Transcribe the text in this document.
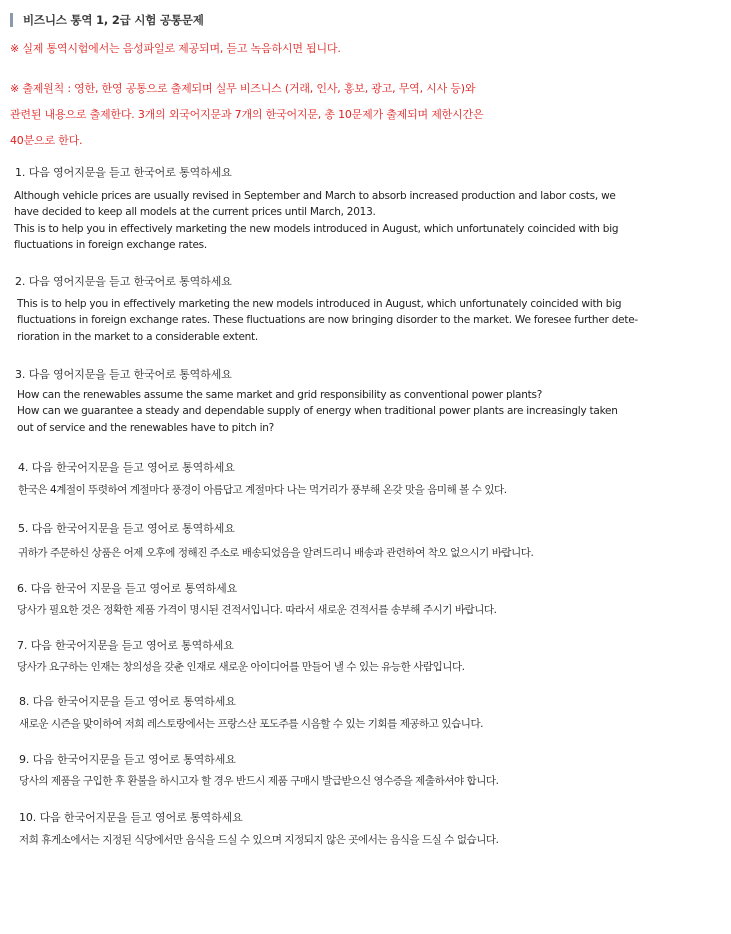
비즈니스 통역 1, 2급 시험 공통문제
※ 실제 통역시험에서는 음성파일로 제공되며, 듣고 녹음하시면 됩니다.
※ 출제원칙 : 영한, 한영 공통으로 출제되며 실무 비즈니스 (거래, 인사, 홍보, 광고, 무역, 시사 등)와
관련된 내용으로 출제한다. 3개의 외국어지문과 7개의 한국어지문, 총 10문제가 출제되며 제한시간은
40분으로 한다.
1. 다음 영어지문을 듣고 한국어로 통역하세요
Although vehicle prices are usually revised in September and March to absorb increased production and labor costs, we
have decided to keep all models at the current prices until March, 2013.
This is to help you in effectively marketing the new models introduced in August, which unfortunately coincided with big
fluctuations in foreign exchange rates.
2. 다음 영어지문을 듣고 한국어로 통역하세요
This is to help you in effectively marketing the new models introduced in August, which unfortunately coincided with big
fluctuations in foreign exchange rates. These fluctuations are now bringing disorder to the market. We foresee further dete-
rioration in the market to a considerable extent.
3. 다음 영어지문을 듣고 한국어로 통역하세요
How can the renewables assume the same market and grid responsibility as conventional power plants?
How can we guarantee a steady and dependable supply of energy when traditional power plants are increasingly taken
out of service and the renewables have to pitch in?
4. 다음 한국어지문을 듣고 영어로 통역하세요
한국은 4계절이 뚜렷하여 계절마다 풍경이 아름답고 계절마다 나는 먹거리가 풍부해 온갖 맛을 음미해 볼 수 있다.
5. 다음 한국어지문을 듣고 영어로 통역하세요
귀하가 주문하신 상품은 어제 오후에 정해진 주소로 배송되었음을 알려드리니 배송과 관련하여 착오 없으시기 바랍니다.
6. 다음 한국어 지문을 듣고 영어로 통역하세요
당사가 필요한 것은 정확한 제품 가격이 명시된 견적서입니다. 따라서 새로운 견적서를 송부해 주시기 바랍니다.
7. 다음 한국어지문을 듣고 영어로 통역하세요
당사가 요구하는 인재는 창의성을 갖춘 인재로 새로운 아이디어를 만들어 낼 수 있는 유능한 사람입니다.
8. 다음 한국어지문을 듣고 영어로 통역하세요
새로운 시즌을 맞이하여 저희 레스토랑에서는 프랑스산 포도주를 시음할 수 있는 기회를 제공하고 있습니다.
9. 다음 한국어지문을 듣고 영어로 통역하세요
당사의 제품을 구입한 후 환불을 하시고자 할 경우 반드시 제품 구매시 발급받으신 영수증을 제출하셔야 합니다.
10. 다음 한국어지문을 듣고 영어로 통역하세요
저희 휴게소에서는 지정된 식당에서만 음식을 드실 수 있으며 지정되지 않은 곳에서는 음식을 드실 수 없습니다.
